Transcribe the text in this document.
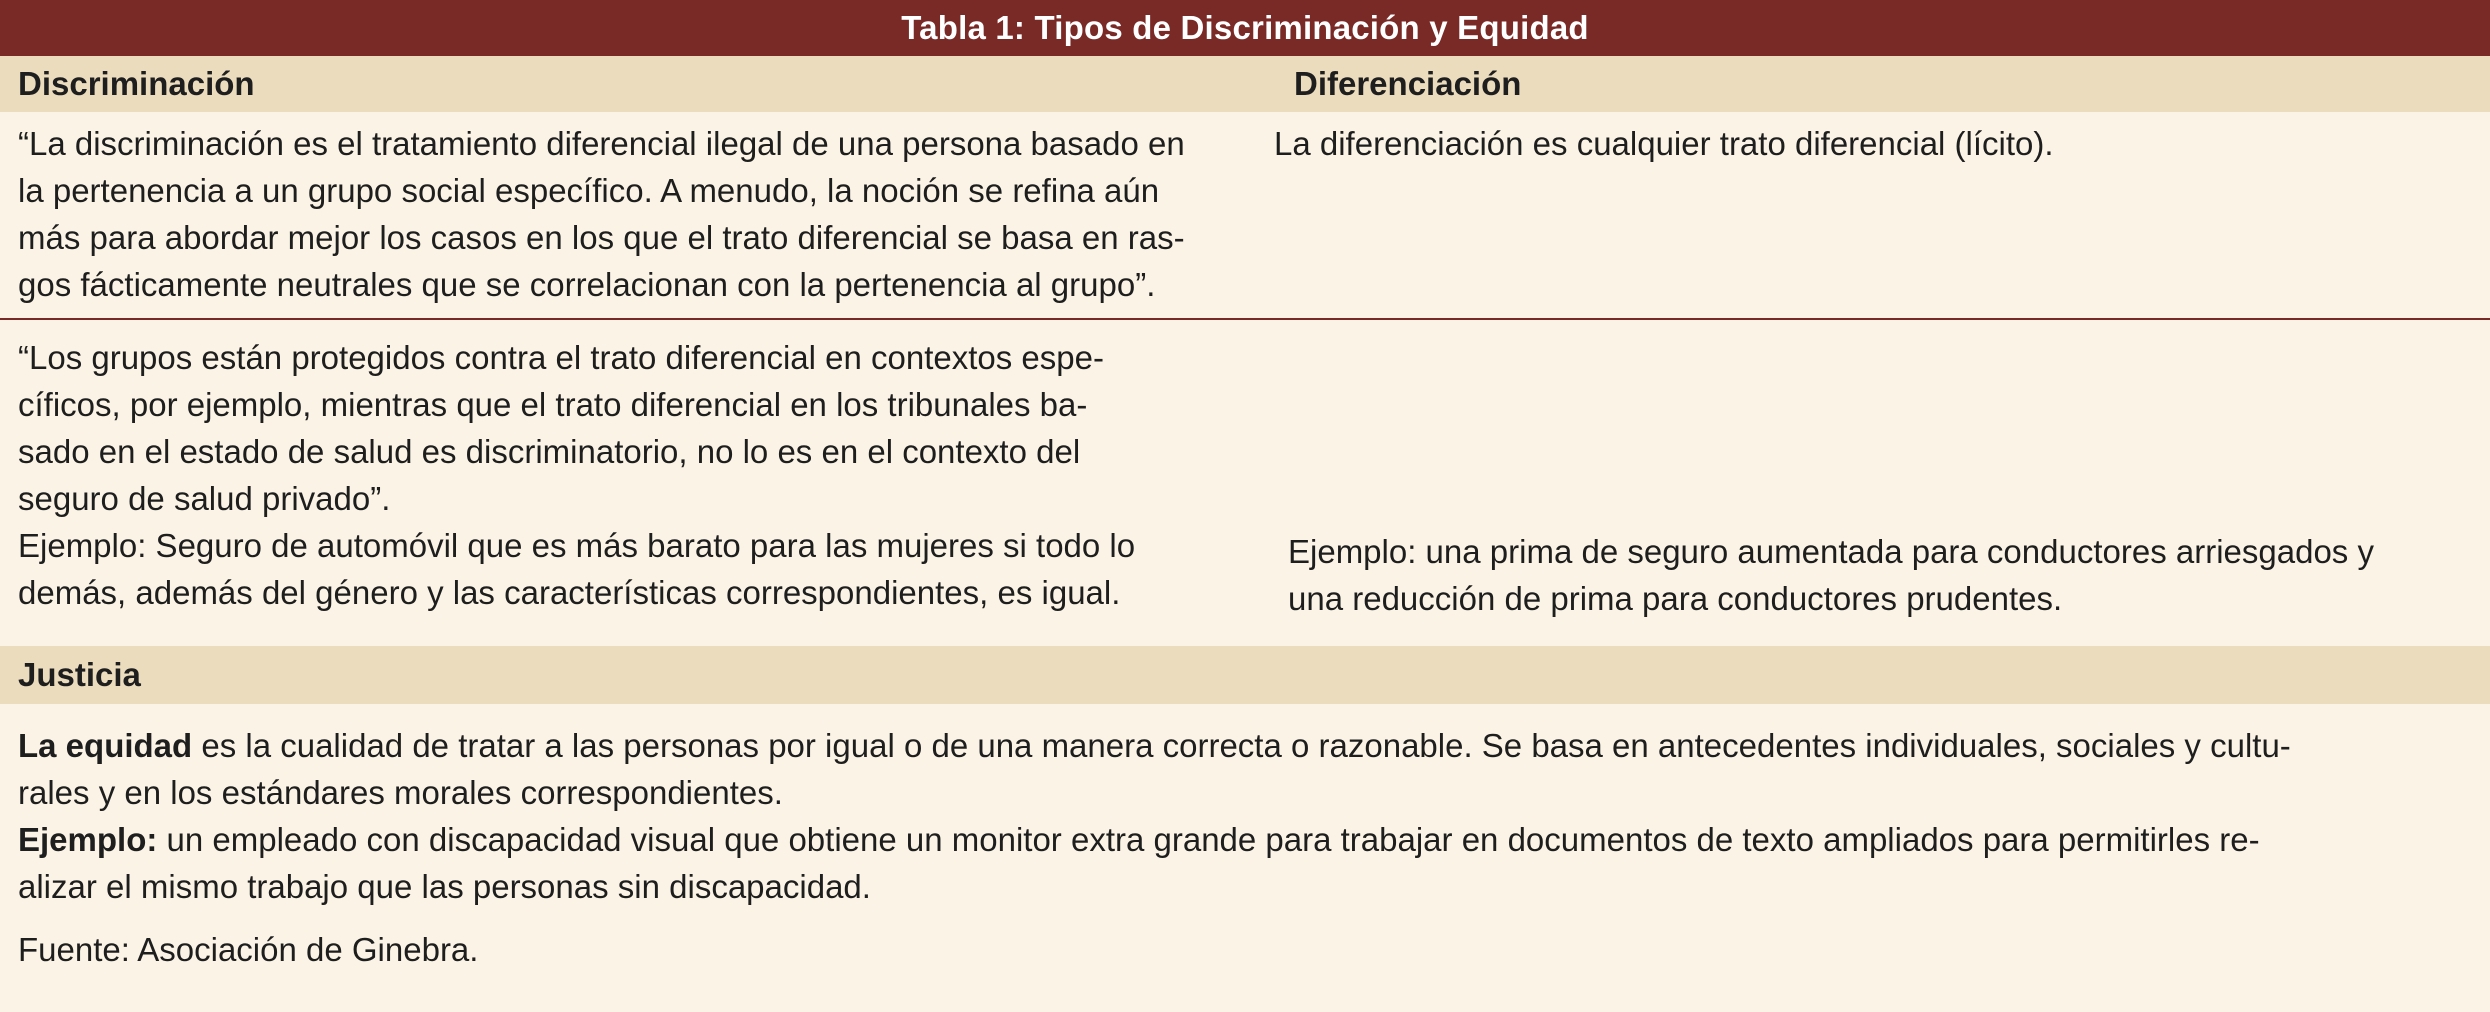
Tabla 1: Tipos de Discriminación y Equidad
Discriminación	Diferenciación
“La discriminación es el tratamiento diferencial ilegal de una persona basado en
la pertenencia a un grupo social específico. A menudo, la noción se refina aún
más para abordar mejor los casos en los que el trato diferencial se basa en ras-
gos fácticamente neutrales que se correlacionan con la pertenencia al grupo”.
La diferenciación es cualquier trato diferencial (lícito).
“Los grupos están protegidos contra el trato diferencial en contextos espe-
cíficos, por ejemplo, mientras que el trato diferencial en los tribunales ba-
sado en el estado de salud es discriminatorio, no lo es en el contexto del
seguro de salud privado”.
Ejemplo: Seguro de automóvil que es más barato para las mujeres si todo lo
demás, además del género y las características correspondientes, es igual.
Ejemplo: una prima de seguro aumentada para conductores arriesgados y
una reducción de prima para conductores prudentes.
Justicia

La equidad es la cualidad de tratar a las personas por igual o de una manera correcta o razonable. Se basa en antecedentes individuales, sociales y cultu-
rales y en los estándares morales correspondientes.

Ejemplo: un empleado con discapacidad visual que obtiene un monitor extra grande para trabajar en documentos de texto ampliados para permitirles re-
alizar el mismo trabajo que las personas sin discapacidad.

Fuente: Asociación de Ginebra.
